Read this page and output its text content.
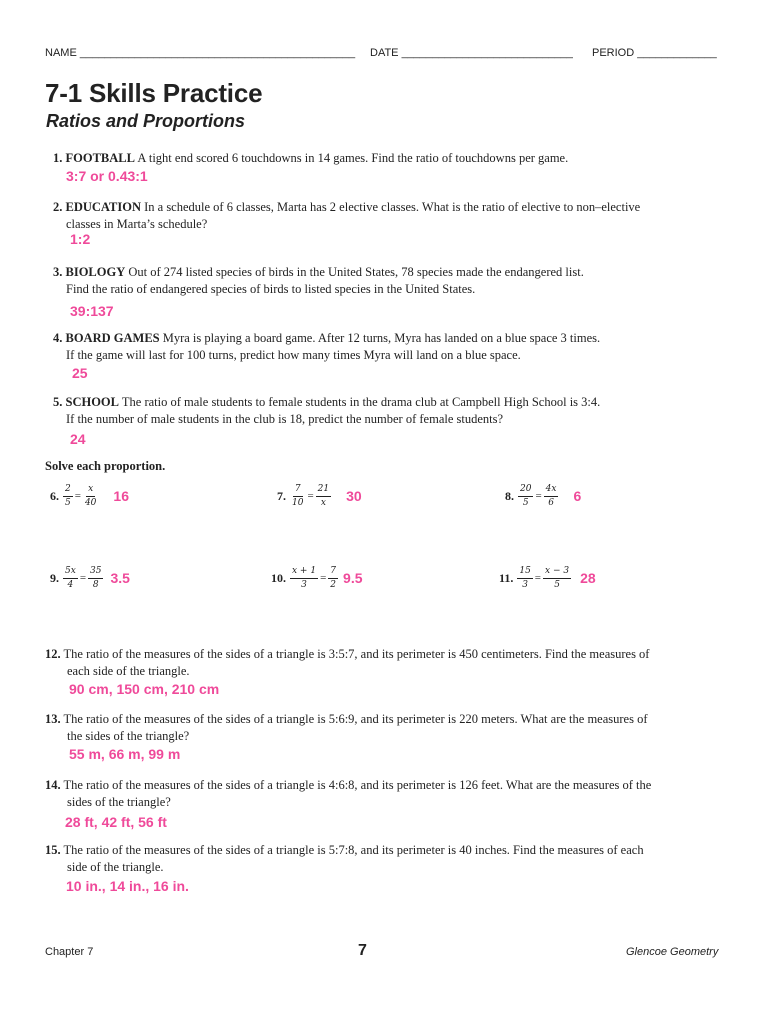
NAME _____________________________________________ DATE ____________________________ PERIOD _____________
7-1 Skills Practice
Ratios and Proportions
1. FOOTBALL A tight end scored 6 touchdowns in 14 games. Find the ratio of touchdowns per game.
3:7 or 0.43:1
2. EDUCATION In a schedule of 6 classes, Marta has 2 elective classes. What is the ratio of elective to non–elective
classes in Marta’s schedule?
1:2
3. BIOLOGY Out of 274 listed species of birds in the United States, 78 species made the endangered list.
Find the ratio of endangered species of birds to listed species in the United States.
39:137
4. BOARD GAMES Myra is playing a board game. After 12 turns, Myra has landed on a blue space 3 times.
If the game will last for 100 turns, predict how many times Myra will land on a blue space.
25
5. SCHOOL The ratio of male students to female students in the drama club at Campbell High School is 3:4.
If the number of male students in the club is 18, predict the number of female students?
24
Solve each proportion.
6. $\frac{2}{5} = \frac{x}{40} 16$	7. $\frac{7}{10} = \frac{21}{x} 30$	8. $\frac{20}{5} = \frac{4x}{6} 6$
9. $\frac{5x}{4} = \frac{35}{8} 3.5$	10. $\frac{x + 1}{3} = \frac{7}{2} 9.5$	11. $\frac{15}{3} = \frac{x - 3}{5} 28$
12. The ratio of the measures of the sides of a triangle is 3:5:7, and its perimeter is 450 centimeters. Find the measures of
each side of the triangle.
90 cm, 150 cm, 210 cm
13. The ratio of the measures of the sides of a triangle is 5:6:9, and its perimeter is 220 meters. What are the measures of
the sides of the triangle?
55 m, 66 m, 99 m
14. The ratio of the measures of the sides of a triangle is 4:6:8, and its perimeter is 126 feet. What are the measures of the
sides of the triangle?
28 ft, 42 ft, 56 ft
15. The ratio of the measures of the sides of a triangle is 5:7:8, and its perimeter is 40 inches. Find the measures of each
side of the triangle.
10 in., 14 in., 16 in.
Chapter 7	7	Glencoe Geometry
